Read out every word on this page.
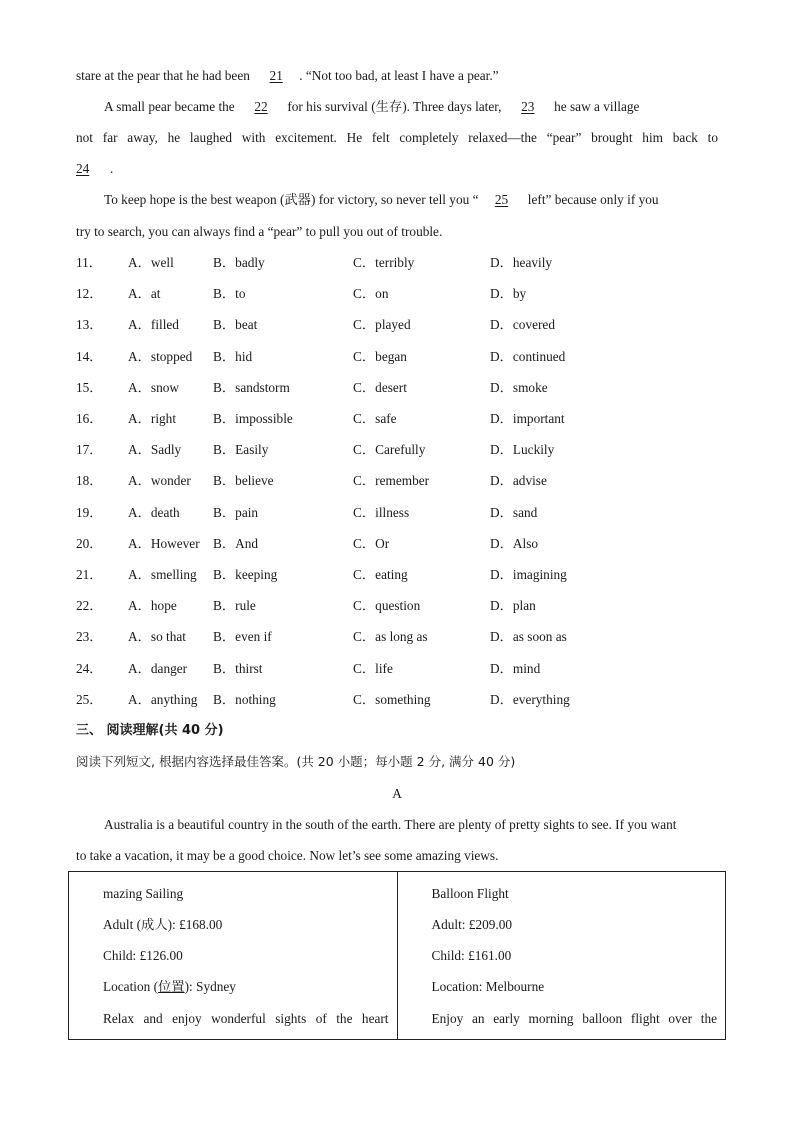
stare at the pear that he had been 21 . “Not too bad, at least I have a pear.”
A small pear became the 22 for his survival (生存). Three days later, 23 he saw a village
not far away, he laughed with excitement. He felt completely relaxed—the “pear” brought him back to
24 .
To keep hope is the best weapon (武器) for victory, so never tell you “ 25 left” because only if you
try to search, you can always find a “pear” to pull you out of trouble.
11． A．well	B．badly	C．terribly	D．heavily
12． A．at	B．to	C．on	D．by
13． A．filled	B．beat	C．played	D．covered
14． A．stopped B．hid	C．began	D．continued
15． A．snow	B．sandstorm	C．desert	D．smoke
16． A．right	B．impossible	C．safe	D．important
17． A．Sadly B．Easily	C．Carefully	D．Luckily
18． A．wonder B．believe	C．remember	D．advise
19． A．death	B．pain	C．illness	D．sand
20． A．However B．And	C．Or	D．Also
21． A．smelling B．keeping	C．eating	D．imagining
22． A．hope	B．rule	C．question	D．plan
23． A．so that B．even if	C．as long as	D．as soon as
24． A．danger B．thirst	C．life	D．mind
25． A．anything B．nothing	C．something	D．everything
三、 阅读理解(共 40 分)
阅读下列短文, 根据内容选择最佳答案。(共 20 小题；每小题 2 分, 满分 40 分)
A
Australia is a beautiful country in the south of the earth. There are plenty of pretty sights to see. If you want
to take a vacation, it may be a good choice. Now let’s see some amazing views.
mazing Sailing
Adult (成人): £168.00
Child: £126.00
Location (位置): Sydney
Relax and enjoy wonderful sights of the heart

Balloon Flight
Adult: £209.00
Child: £161.00
Location: Melbourne
Enjoy an early morning balloon flight over the
